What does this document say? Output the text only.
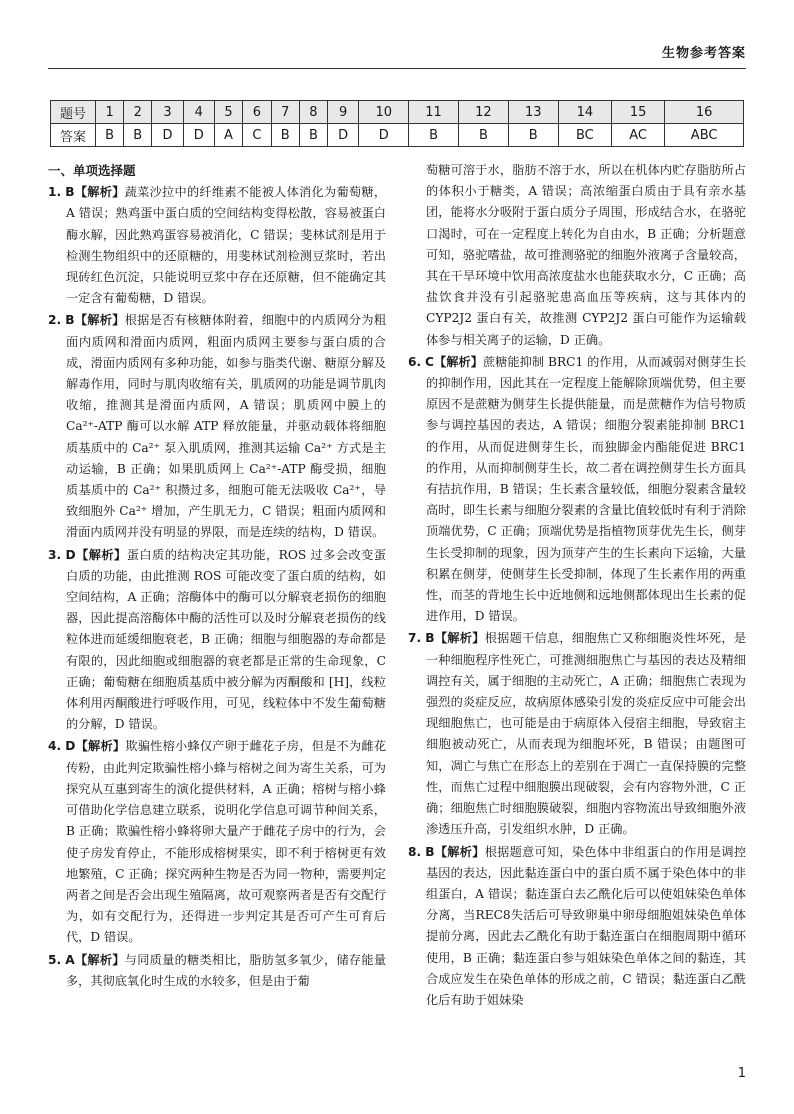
生物参考答案
题号	1	2	3	4	5	6	7	8	9	10	11	12	13	14	15	16
答案	B	B	D	D	A	C	B	B	D	D	B	B	B	BC	AC	ABC
一、单项选择题

1. B【解析】蔬菜沙拉中的纤维素不能被人体消化为葡萄糖，A 错误；熟鸡蛋中蛋白质的空间结构变得松散，容易被蛋白酶水解，因此熟鸡蛋容易被消化，C 错误；斐林试剂是用于检测生物组织中的还原糖的，用斐林试剂检测豆浆时，若出现砖红色沉淀，只能说明豆浆中存在还原糖，但不能确定其一定含有葡萄糖，D 错误。

2. B【解析】根据是否有核糖体附着，细胞中的内质网分为粗面内质网和滑面内质网，粗面内质网主要参与蛋白质的合成，滑面内质网有多种功能，如参与脂类代谢、糖原分解及解毒作用，同时与肌肉收缩有关，肌质网的功能是调节肌肉收缩，推测其是滑面内质网，A 错误；肌质网中膜上的 Ca²⁺-ATP 酶可以水解 ATP 释放能量，并驱动载体将细胞质基质中的 Ca²⁺ 泵入肌质网，推测其运输 Ca²⁺ 方式是主动运输，B 正确；如果肌质网上 Ca²⁺-ATP 酶受损，细胞质基质中的 Ca²⁺ 积攒过多，细胞可能无法吸收 Ca²⁺，导致细胞外 Ca²⁺ 增加，产生肌无力，C 错误；粗面内质网和滑面内质网并没有明显的界限，而是连续的结构，D 错误。

3. D【解析】蛋白质的结构决定其功能，ROS 过多会改变蛋白质的功能，由此推测 ROS 可能改变了蛋白质的结构，如空间结构，A 正确；溶酶体中的酶可以分解衰老损伤的细胞器，因此提高溶酶体中酶的活性可以及时分解衰老损伤的线粒体进而延缓细胞衰老，B 正确；细胞与细胞器的寿命都是有限的，因此细胞或细胞器的衰老都是正常的生命现象，C 正确；葡萄糖在细胞质基质中被分解为丙酮酸和 [H]，线粒体利用丙酮酸进行呼吸作用，可见，线粒体中不发生葡萄糖的分解，D 错误。

4. D【解析】欺骗性榕小蜂仅产卵于雌花子房，但是不为雌花传粉，由此判定欺骗性榕小蜂与榕树之间为寄生关系，可为探究从互惠到寄生的演化提供材料，A 正确；榕树与榕小蜂可借助化学信息建立联系，说明化学信息可调节种间关系，B 正确；欺骗性榕小蜂将卵大量产于雌花子房中的行为，会使子房发育停止，不能形成榕树果实，即不利于榕树更有效地繁殖，C 正确；探究两种生物是否为同一物种，需要判定两者之间是否会出现生殖隔离，故可观察两者是否有交配行为，如有交配行为，还得进一步判定其是否可产生可育后代，D 错误。

5. A【解析】与同质量的糖类相比，脂肪氢多氧少，储存能量多，其彻底氧化时生成的水较多，但是由于葡

萄糖可溶于水，脂肪不溶于水，所以在机体内贮存脂肪所占的体积小于糖类，A 错误；高浓缩蛋白质由于具有亲水基团，能将水分吸附于蛋白质分子周围，形成结合水，在骆驼口渴时，可在一定程度上转化为自由水，B 正确；分析题意可知，骆驼嗜盐，故可推测骆驼的细胞外液离子含量较高，其在干旱环境中饮用高浓度盐水也能获取水分，C 正确；高盐饮食并没有引起骆驼患高血压等疾病，这与其体内的 CYP2J2 蛋白有关，故推测 CYP2J2 蛋白可能作为运输载体参与相关离子的运输，D 正确。

6. C【解析】蔗糖能抑制 BRC1 的作用，从而减弱对侧芽生长的抑制作用，因此其在一定程度上能解除顶端优势，但主要原因不是蔗糖为侧芽生长提供能量，而是蔗糖作为信号物质参与调控基因的表达，A 错误；细胞分裂素能抑制 BRC1 的作用，从而促进侧芽生长，而独脚金内酯能促进 BRC1 的作用，从而抑制侧芽生长，故二者在调控侧芽生长方面具有拮抗作用，B 错误；生长素含量较低，细胞分裂素含量较高时，即生长素与细胞分裂素的含量比值较低时有利于消除顶端优势，C 正确；顶端优势是指植物顶芽优先生长，侧芽生长受抑制的现象，因为顶芽产生的生长素向下运输，大量积累在侧芽，使侧芽生长受抑制，体现了生长素作用的两重性，而茎的背地生长中近地侧和远地侧都体现出生长素的促进作用，D 错误。

7. B【解析】根据题干信息，细胞焦亡又称细胞炎性坏死，是一种细胞程序性死亡，可推测细胞焦亡与基因的表达及精细调控有关，属于细胞的主动死亡，A 正确；细胞焦亡表现为强烈的炎症反应，故病原体感染引发的炎症反应中可能会出现细胞焦亡，也可能是由于病原体入侵宿主细胞，导致宿主细胞被动死亡，从而表现为细胞坏死，B 错误；由题图可知，凋亡与焦亡在形态上的差别在于凋亡一直保持膜的完整性，而焦亡过程中细胞膜出现破裂，会有内容物外泄，C 正确；细胞焦亡时细胞膜破裂，细胞内容物流出导致细胞外液渗透压升高，引发组织水肿，D 正确。

8. B【解析】根据题意可知，染色体中非组蛋白的作用是调控基因的表达，因此黏连蛋白中的蛋白质不属于染色体中的非组蛋白，A 错误；黏连蛋白去乙酰化后可以使姐妹染色单体分离，当REC8失活后可导致卵巢中卵母细胞姐妹染色单体提前分离，因此去乙酰化有助于黏连蛋白在细胞周期中循环使用，B 正确；黏连蛋白参与姐妹染色单体之间的黏连，其合成应发生在染色单体的形成之前，C 错误；黏连蛋白乙酰化后有助于姐妹染

1
